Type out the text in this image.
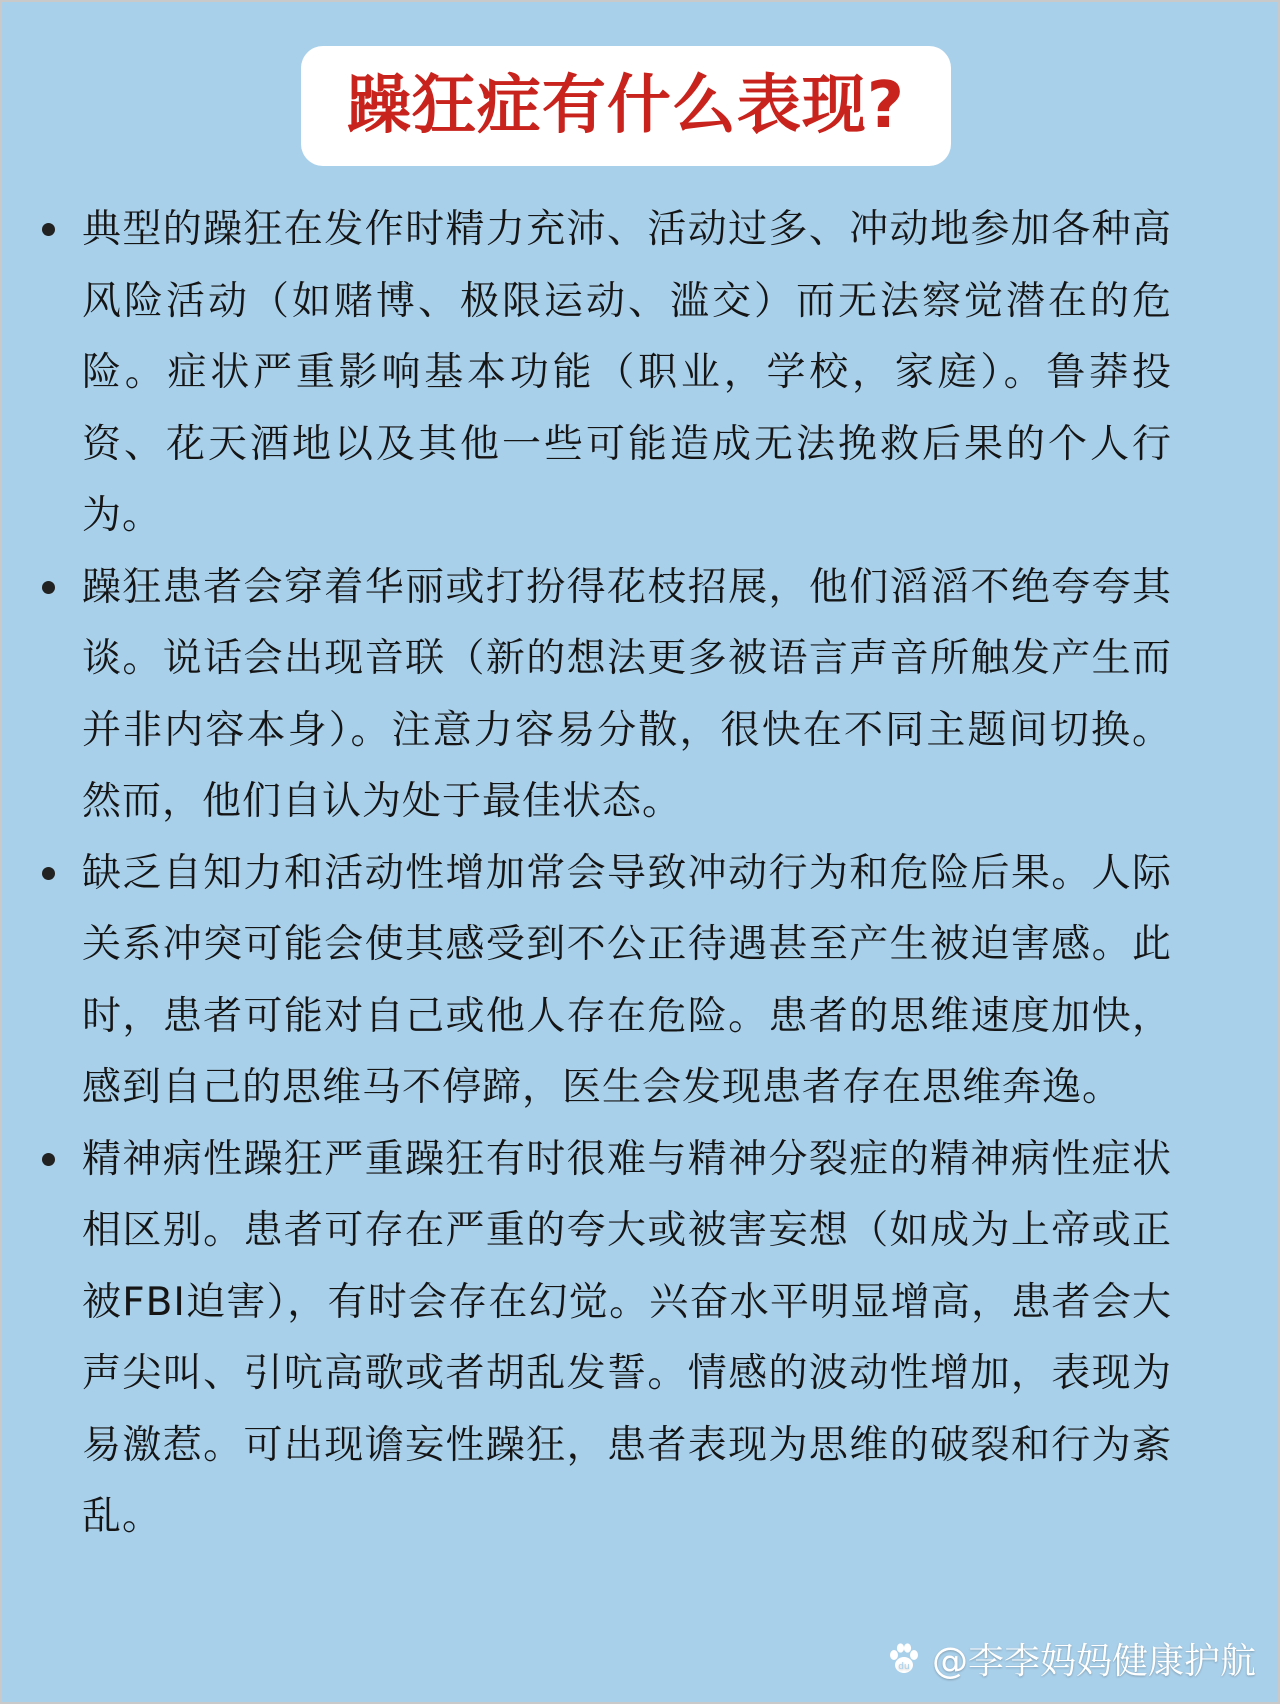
躁狂症有什么表现?
典型的躁狂在发作时精力充沛、活动过多、冲动地参加各种高风险活动（如赌博、极限运动、滥交）而无法察觉潜在的危险。症状严重影响基本功能（职业，学校，家庭）。鲁莽投资、花天酒地以及其他一些可能造成无法挽救后果的个人行为。
躁狂患者会穿着华丽或打扮得花枝招展，他们滔滔不绝夸夸其谈。说话会出现音联（新的想法更多被语言声音所触发产生而并非内容本身）。注意力容易分散，很快在不同主题间切换。然而，他们自认为处于最佳状态。
缺乏自知力和活动性增加常会导致冲动行为和危险后果。人际关系冲突可能会使其感受到不公正待遇甚至产生被迫害感。此时，患者可能对自己或他人存在危险。患者的思维速度加快，感到自己的思维马不停蹄，医生会发现患者存在思维奔逸。
精神病性躁狂严重躁狂有时很难与精神分裂症的精神病性症状相区别。患者可存在严重的夸大或被害妄想（如成为上帝或正被FBI迫害），有时会存在幻觉。兴奋水平明显增高，患者会大声尖叫、引吭高歌或者胡乱发誓。情感的波动性增加，表现为易激惹。可出现谵妄性躁狂，患者表现为思维的破裂和行为紊乱。
du @李李妈妈健康护航
